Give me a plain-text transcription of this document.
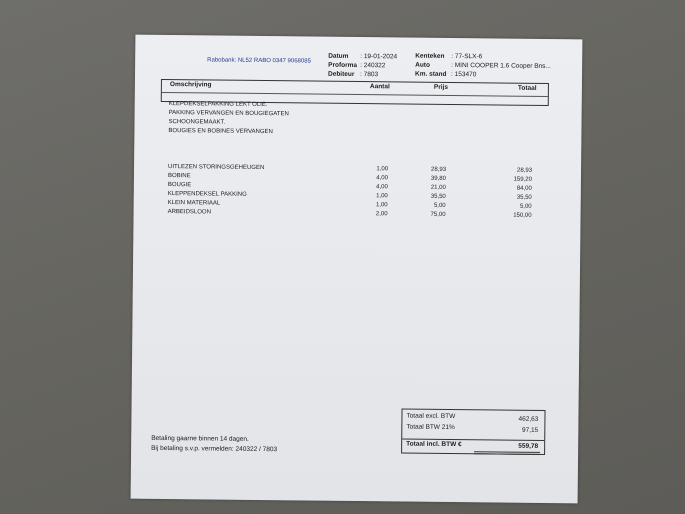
Rabobank: NL52 RABO 0347 9068085
Datum : 19-01-2024
Proforma : 240322
Debiteur : 7803
Kenteken : 77-SLX-6
Auto	: MINI COOPER 1.6 Cooper Bns...
Km. stand : 153470
Omschrijving	Aantal	Prijs	Totaal
KLEPDEKSELPAKKING LEKT OLIE.
PAKKING VERVANGEN EN BOUGIEGATEN
SCHOONGEMAAKT.
BOUGIES EN BOBINES VERVANGEN
UITLEZEN STORINGSGEHEUGEN	1,00	28,93	28,93
BOBINE	4,00	39,80	159,20
BOUGIE	4,00	21,00	84,00
KLEPPENDEKSEL PAKKING	1,00	35,50	35,50
KLEIN MATERIAAL	1,00	5,00	5,00
ARBEIDSLOON	2,00	75,00	150,00
Totaal excl. BTW	462,63
Totaal BTW 21%	97,15
Totaal incl. BTW €	559,78
Betaling gaarne binnen 14 dagen.
Bij betaling s.v.p. vermelden: 240322 / 7803
